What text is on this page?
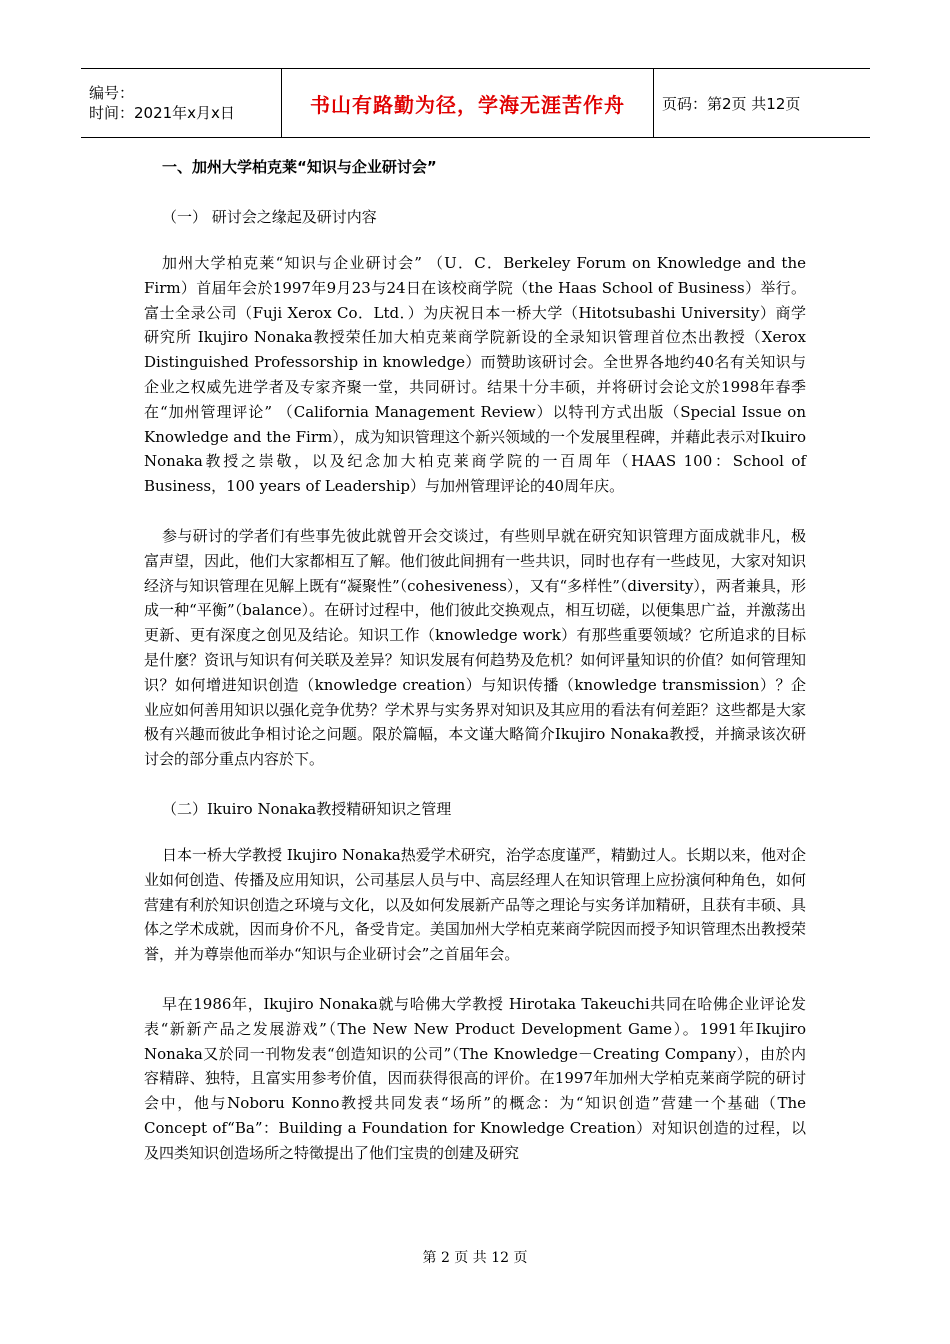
编号：
时间：2021年x月x日	书山有路勤为径，学海无涯苦作舟 页码：第2页 共12页
一、加州大学柏克莱“知识与企业研讨会”
（一） 研讨会之缘起及研讨内容

加州大学柏克莱“知识与企业研讨会” （U．C．Berkeley Forum on Knowledge and the Firm）首届年会於1997年9月23与24日在该校商学院（the Haas School of Business）举行。富士全录公司（Fuji Xerox Co．Ltd．）为庆祝日本一桥大学（Hitotsubashi University）商学研究所 Ikujiro Nonaka教授荣任加大柏克莱商学院新设的全录知识管理首位杰出教授（Xerox Distinguished Professorship in knowledge）而赞助该研讨会。全世界各地约40名有关知识与企业之权威先进学者及专家齐聚一堂，共同研讨。结果十分丰硕，并将研讨会论文於1998年春季在“加州管理评论” （California Management Review）以特刊方式出版（Special Issue on Knowledge and the Firm），成为知识管理这个新兴领域的一个发展里程碑，并藉此表示对Ikuiro Nonaka教授之崇敬，以及纪念加大柏克莱商学院的一百周年（HAAS 100：School of Business，100 years of Leadership）与加州管理评论的40周年庆。

参与研讨的学者们有些事先彼此就曾开会交谈过，有些则早就在研究知识管理方面成就非凡，极富声望，因此，他们大家都相互了解。他们彼此间拥有一些共识，同时也存有一些歧见，大家对知识经济与知识管理在见解上既有“凝聚性”（cohesiveness），又有“多样性”（diversity），两者兼具，形成一种“平衡”（balance）。在研讨过程中，他们彼此交换观点，相互切磋，以便集思广益，并激荡出更新、更有深度之创见及结论。知识工作（knowledge work）有那些重要领域？它所追求的目标是什麼？资讯与知识有何关联及差异？知识发展有何趋势及危机？如何评量知识的价值？如何管理知识？如何增进知识创造（knowledge creation）与知识传播（knowledge transmission）？企业应如何善用知识以强化竞争优势？学术界与实务界对知识及其应用的看法有何差距？这些都是大家极有兴趣而彼此争相讨论之问题。限於篇幅，本文谨大略简介Ikujiro Nonaka教授，并摘录该次研讨会的部分重点内容於下。

（二）Ikuiro Nonaka教授精研知识之管理

日本一桥大学教授 Ikujiro Nonaka热爱学术研究，治学态度谨严，精勤过人。长期以来，他对企业如何创造、传播及应用知识，公司基层人员与中、高层经理人在知识管理上应扮演何种角色，如何营建有利於知识创造之环境与文化，以及如何发展新产品等之理论与实务详加精研，且获有丰硕、具体之学术成就，因而身价不凡，备受肯定。美国加州大学柏克莱商学院因而授予知识管理杰出教授荣誉，并为尊崇他而举办“知识与企业研讨会”之首届年会。

早在1986年，Ikujiro Nonaka就与哈佛大学教授 Hirotaka Takeuchi共同在哈佛企业评论发表“新新产品之发展游戏”（The New New Product Development Game）。1991年Ikujiro Nonaka又於同一刊物发表“创造知识的公司”（The Knowledge－Creating Company），由於内容精辟、独特，且富实用参考价值，因而获得很高的评价。在1997年加州大学柏克莱商学院的研讨会中，他与Noboru Konno教授共同发表“场所”的概念：为“知识创造”营建一个基础（The Concept of“Ba”：Building a Foundation for Knowledge Creation）对知识创造的过程，以及四类知识创造场所之特徵提出了他们宝贵的创建及研究

第 2 页 共 12 页
